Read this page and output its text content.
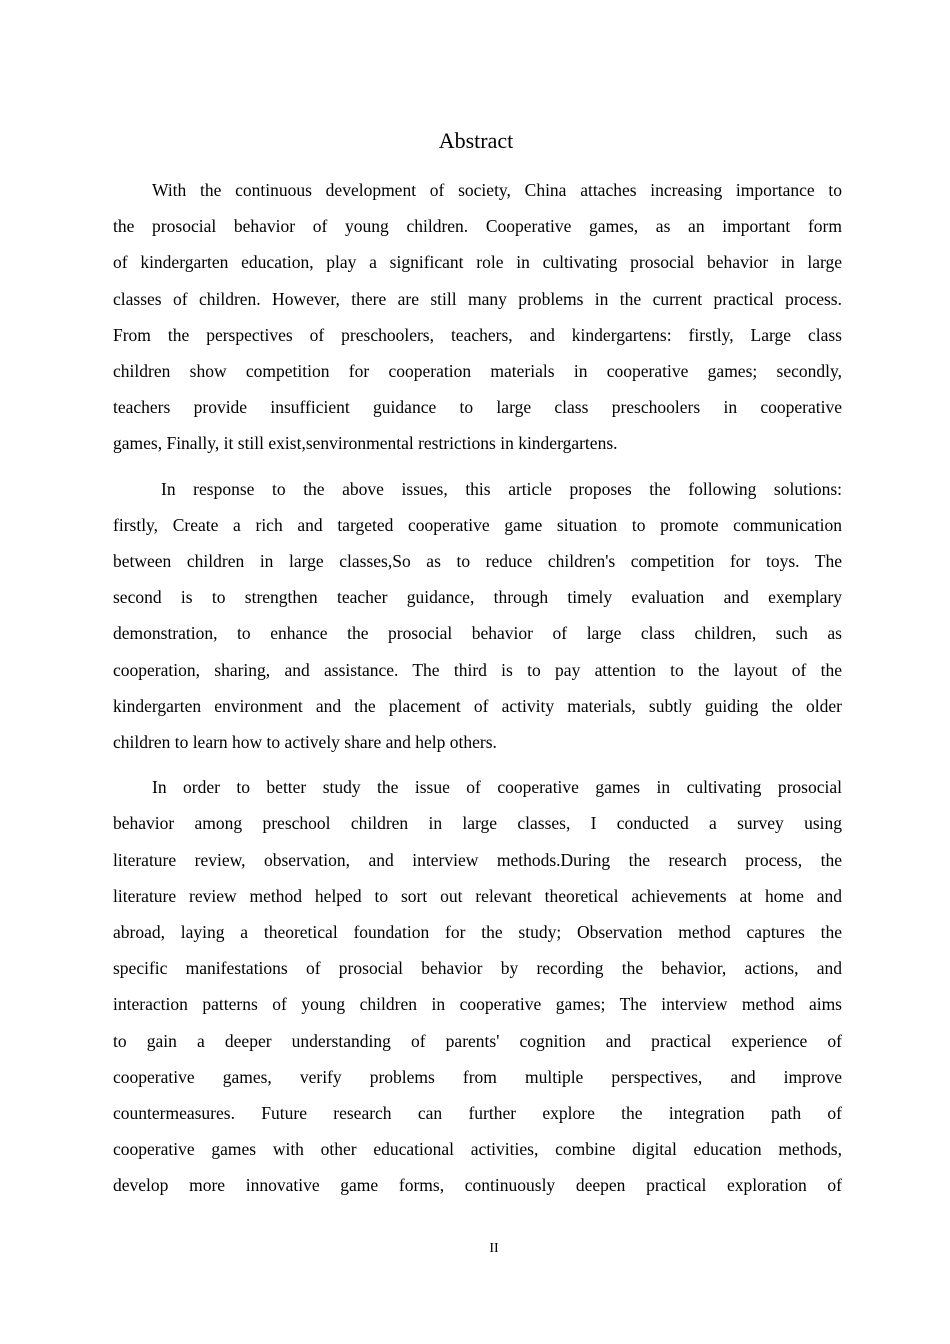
Abstract

With the continuous development of society, China attaches increasing importance to
the prosocial behavior of young children. Cooperative games, as an important form
of kindergarten education, play a significant role in cultivating prosocial behavior in large
classes of children. However, there are still many problems in the current practical process.
From the perspectives of preschoolers, teachers, and kindergartens: firstly, Large class
children show competition for cooperation materials in cooperative games; secondly,
teachers provide insufficient guidance to large class preschoolers in cooperative
games, Finally, it still exist,senvironmental restrictions in kindergartens.

In response to the above issues, this article proposes the following solutions:
firstly, Create a rich and targeted cooperative game situation to promote communication
between children in large classes,So as to reduce children's competition for toys. The
second is to strengthen teacher guidance, through timely evaluation and exemplary
demonstration, to enhance the prosocial behavior of large class children, such as
cooperation, sharing, and assistance. The third is to pay attention to the layout of the
kindergarten environment and the placement of activity materials, subtly guiding the older
children to learn how to actively share and help others.

In order to better study the issue of cooperative games in cultivating prosocial
behavior among preschool children in large classes, I conducted a survey using
literature review, observation, and interview methods.During the research process, the
literature review method helped to sort out relevant theoretical achievements at home and
abroad, laying a theoretical foundation for the study; Observation method captures the
specific manifestations of prosocial behavior by recording the behavior, actions, and
interaction patterns of young children in cooperative games; The interview method aims
to gain a deeper understanding of parents' cognition and practical experience of
cooperative games, verify problems from multiple perspectives, and improve
countermeasures. Future research can further explore the integration path of
cooperative games with other educational activities, combine digital education methods,
develop more innovative game forms, continuously deepen practical exploration of

II
